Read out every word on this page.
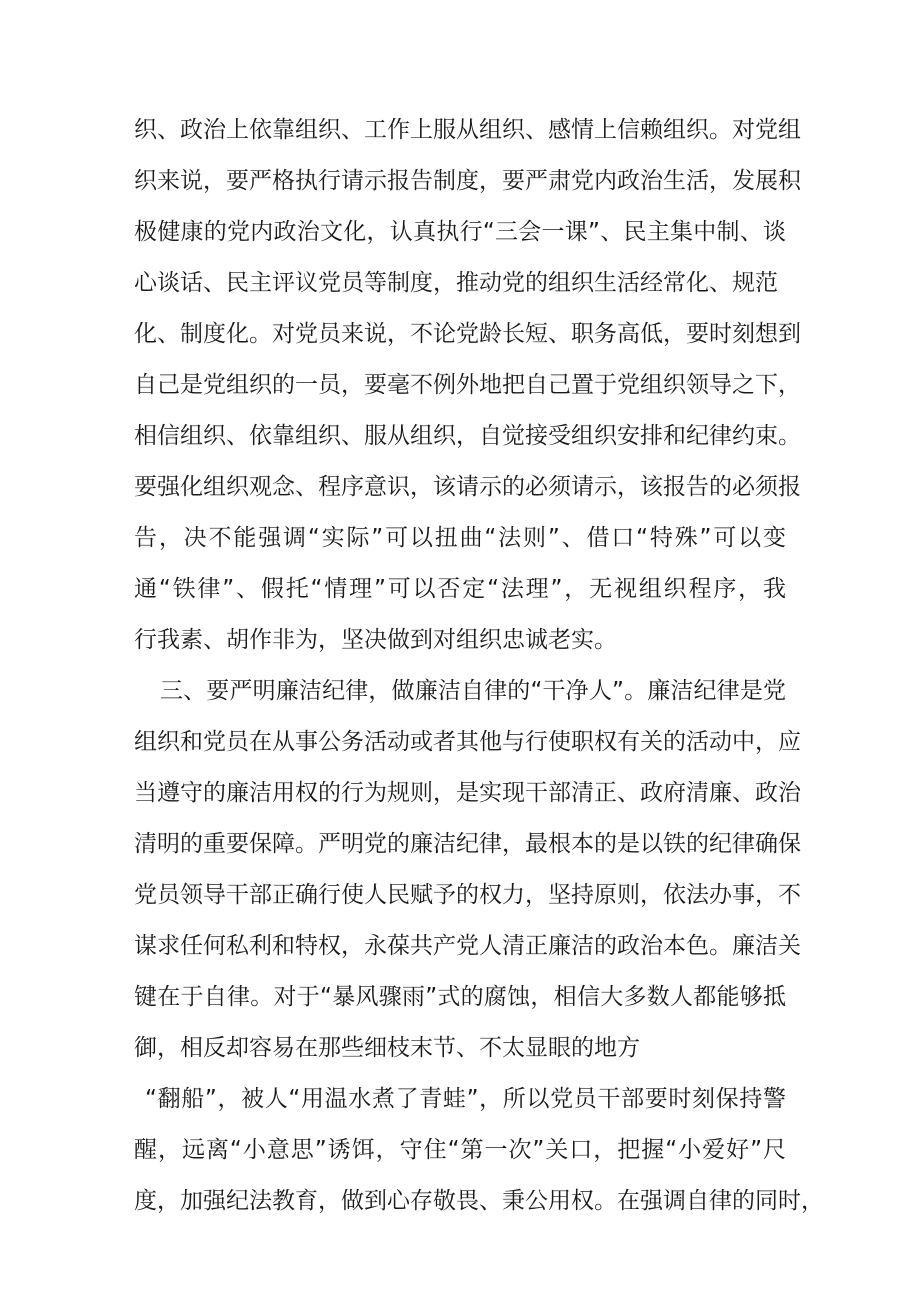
织、政治上依靠组织、工作上服从组织、感情上信赖组织。对党组
织来说，要严格执行请示报告制度，要严肃党内政治生活，发展积
极健康的党内政治文化，认真执行“三会一课”、民主集中制、谈
心谈话、民主评议党员等制度，推动党的组织生活经常化、规范
化、制度化。对党员来说，不论党龄长短、职务高低，要时刻想到
自己是党组织的一员，要毫不例外地把自己置于党组织领导之下，
相信组织、依靠组织、服从组织，自觉接受组织安排和纪律约束。
要强化组织观念、程序意识，该请示的必须请示，该报告的必须报
告，决不能强调“实际”可以扭曲“法则”、借口“特殊”可以变
通“铁律”、假托“情理”可以否定“法理”，无视组织程序，我
行我素、胡作非为，坚决做到对组织忠诚老实。
三、要严明廉洁纪律，做廉洁自律的“干净人”。廉洁纪律是党
组织和党员在从事公务活动或者其他与行使职权有关的活动中，应
当遵守的廉洁用权的行为规则，是实现干部清正、政府清廉、政治
清明的重要保障。严明党的廉洁纪律，最根本的是以铁的纪律确保
党员领导干部正确行使人民赋予的权力，坚持原则，依法办事，不
谋求任何私利和特权，永葆共产党人清正廉洁的政治本色。廉洁关
键在于自律。对于“暴风骤雨”式的腐蚀，相信大多数人都能够抵
御，相反却容易在那些细枝末节、不太显眼的地方
“翻船”，被人“用温水煮了青蛙”，所以党员干部要时刻保持警
醒，远离“小意思”诱饵，守住“第一次”关口，把握“小爱好”尺
度，加强纪法教育，做到心存敬畏、秉公用权。在强调自律的同时，
